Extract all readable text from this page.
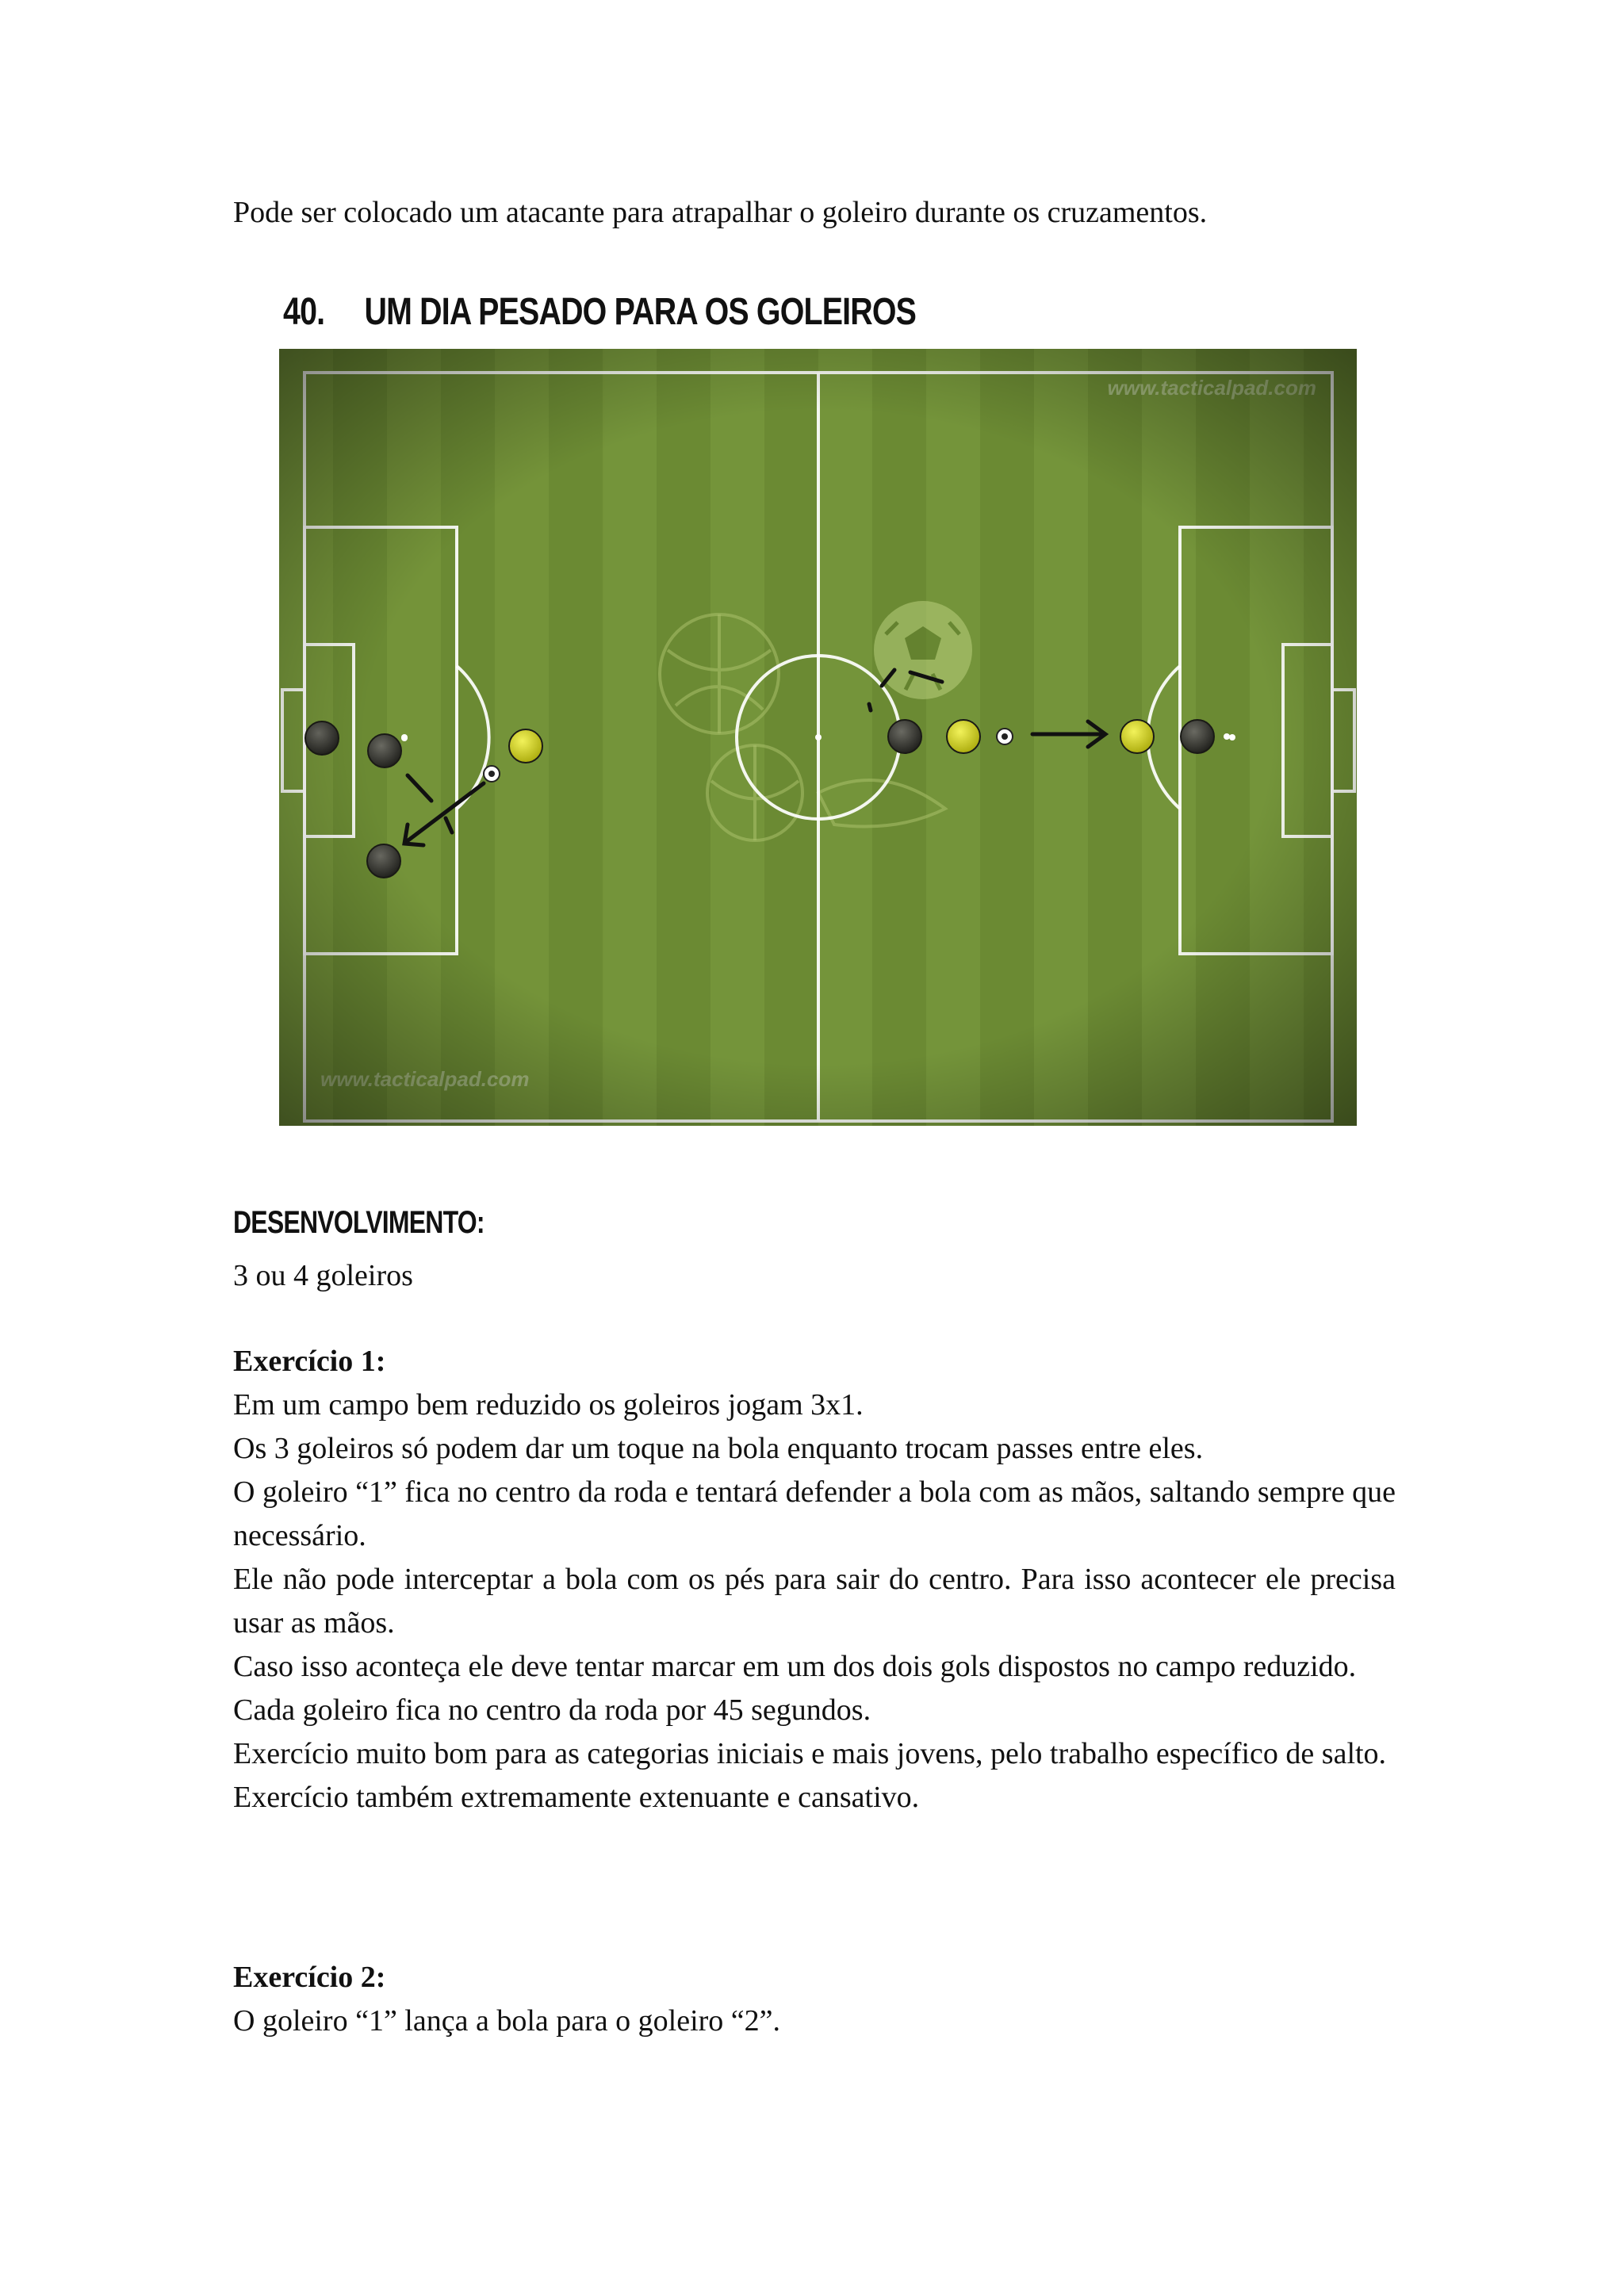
Pode ser colocado um atacante para atrapalhar o goleiro durante os cruzamentos.

40. UM DIA PESADO PARA OS GOLEIROS
DESENVOLVIMENTO:

3 ou 4 goleiros

Exercício 1:
Em um campo bem reduzido os goleiros jogam 3x1.
Os 3 goleiros só podem dar um toque na bola enquanto trocam passes entre eles.
O goleiro “1” fica no centro da roda e tentará defender a bola com as mãos, saltando sempre que necessário.
Ele não pode interceptar a bola com os pés para sair do centro. Para isso acontecer ele precisa usar as mãos.
Caso isso aconteça ele deve tentar marcar em um dos dois gols dispostos no campo reduzido.
Cada goleiro fica no centro da roda por 45 segundos.
Exercício muito bom para as categorias iniciais e mais jovens, pelo trabalho específico de salto.
Exercício também extremamente extenuante e cansativo.
Exercício 2:
O goleiro “1” lança a bola para o goleiro “2”.
